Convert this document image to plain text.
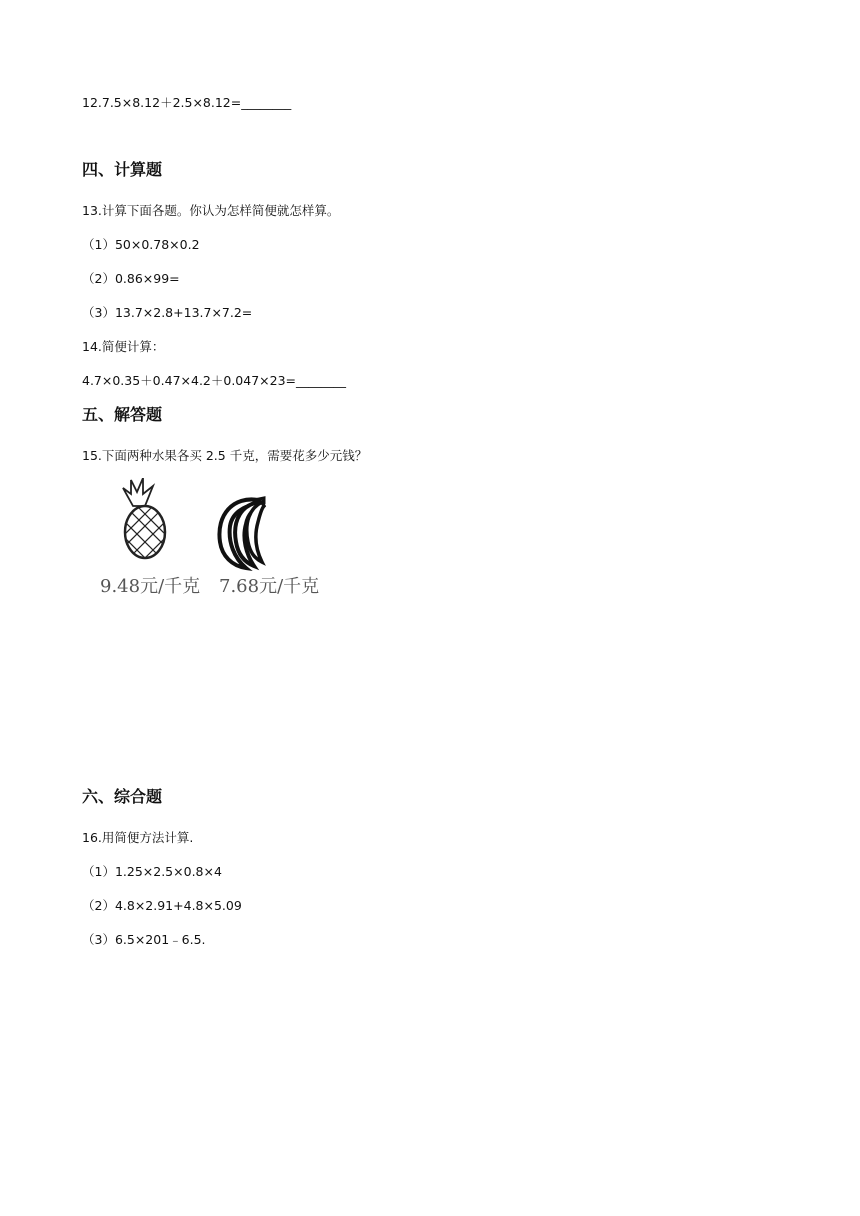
12.7.5×8.12＋2.5×8.12=________
四、计算题
13.计算下面各题。你认为怎样简便就怎样算。
（1）50×0.78×0.2
（2）0.86×99=
（3）13.7×2.8+13.7×7.2=
14.简便计算：
4.7×0.35＋0.47×4.2＋0.047×23=________
五、解答题
15.下面两种水果各买 2.5 千克，需要花多少元钱？
9.48元/千克 7.68元/千克
六、综合题
16.用简便方法计算.
（1）1.25×2.5×0.8×4
（2）4.8×2.91+4.8×5.09
（3）6.5×201﹣6.5.
